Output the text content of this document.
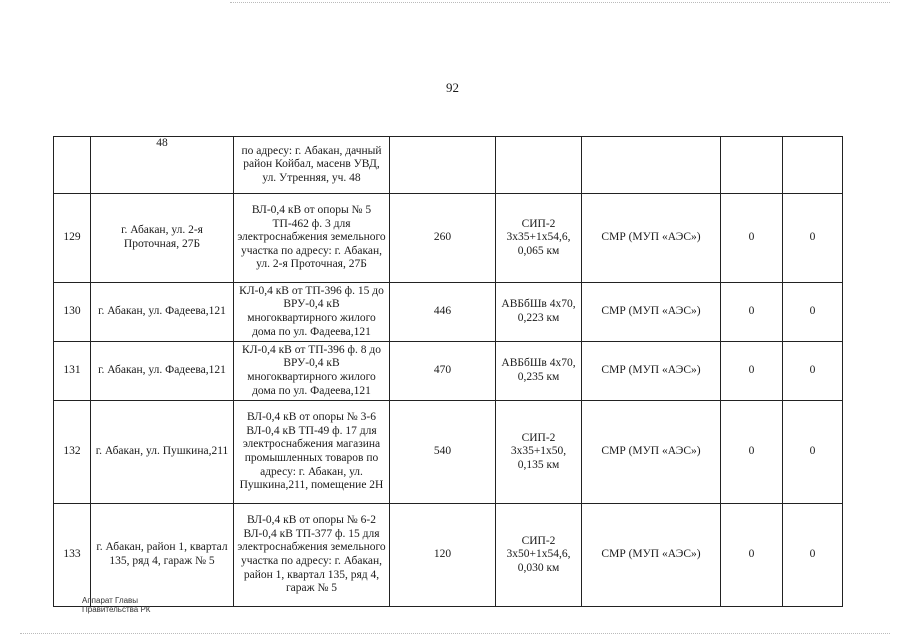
92
	48	по адресу: г. Абакан, дачный район Койбал, масенв УВД, ул. Утренняя, уч. 48					
129	г. Абакан, ул. 2-я Проточная, 27Б	ВЛ-0,4 кВ от опоры № 5 ТП-462 ф. 3 для электроснабжения земельного участка по адресу: г. Абакан, ул. 2-я Проточная, 27Б	260	СИП-2 3х35+1х54,6, 0,065 км	СМР (МУП «АЭС»)	0	0
130	г. Абакан, ул. Фадеева,121	КЛ-0,4 кВ от ТП-396 ф. 15 до ВРУ-0,4 кВ многоквартирного жилого дома по ул. Фадеева,121	446	АВБбШв 4х70, 0,223 км	СМР (МУП «АЭС»)	0	0
131	г. Абакан, ул. Фадеева,121	КЛ-0,4 кВ от ТП-396 ф. 8 до ВРУ-0,4 кВ многоквартирного жилого дома по ул. Фадеева,121	470	АВБбШв 4х70, 0,235 км	СМР (МУП «АЭС»)	0	0
132	г. Абакан, ул. Пушкина,211	ВЛ-0,4 кВ от опоры № 3-6 ВЛ-0,4 кВ ТП-49 ф. 17 для электроснабжения магазина промышленных товаров по адресу: г. Абакан, ул. Пушкина,211, помещение 2Н	540	СИП-2 3х35+1х50, 0,135 км	СМР (МУП «АЭС»)	0	0
133	г. Абакан, район 1, квартал 135, ряд 4, гараж № 5	ВЛ-0,4 кВ от опоры № 6-2 ВЛ-0,4 кВ ТП-377 ф. 15 для электроснабжения земельного участка по адресу: г. Абакан, район 1, квартал 135, ряд 4, гараж № 5	120	СИП-2 3х50+1х54,6, 0,030 км	СМР (МУП «АЭС»)	0	0
Аппарат Главы
Правительства РК
